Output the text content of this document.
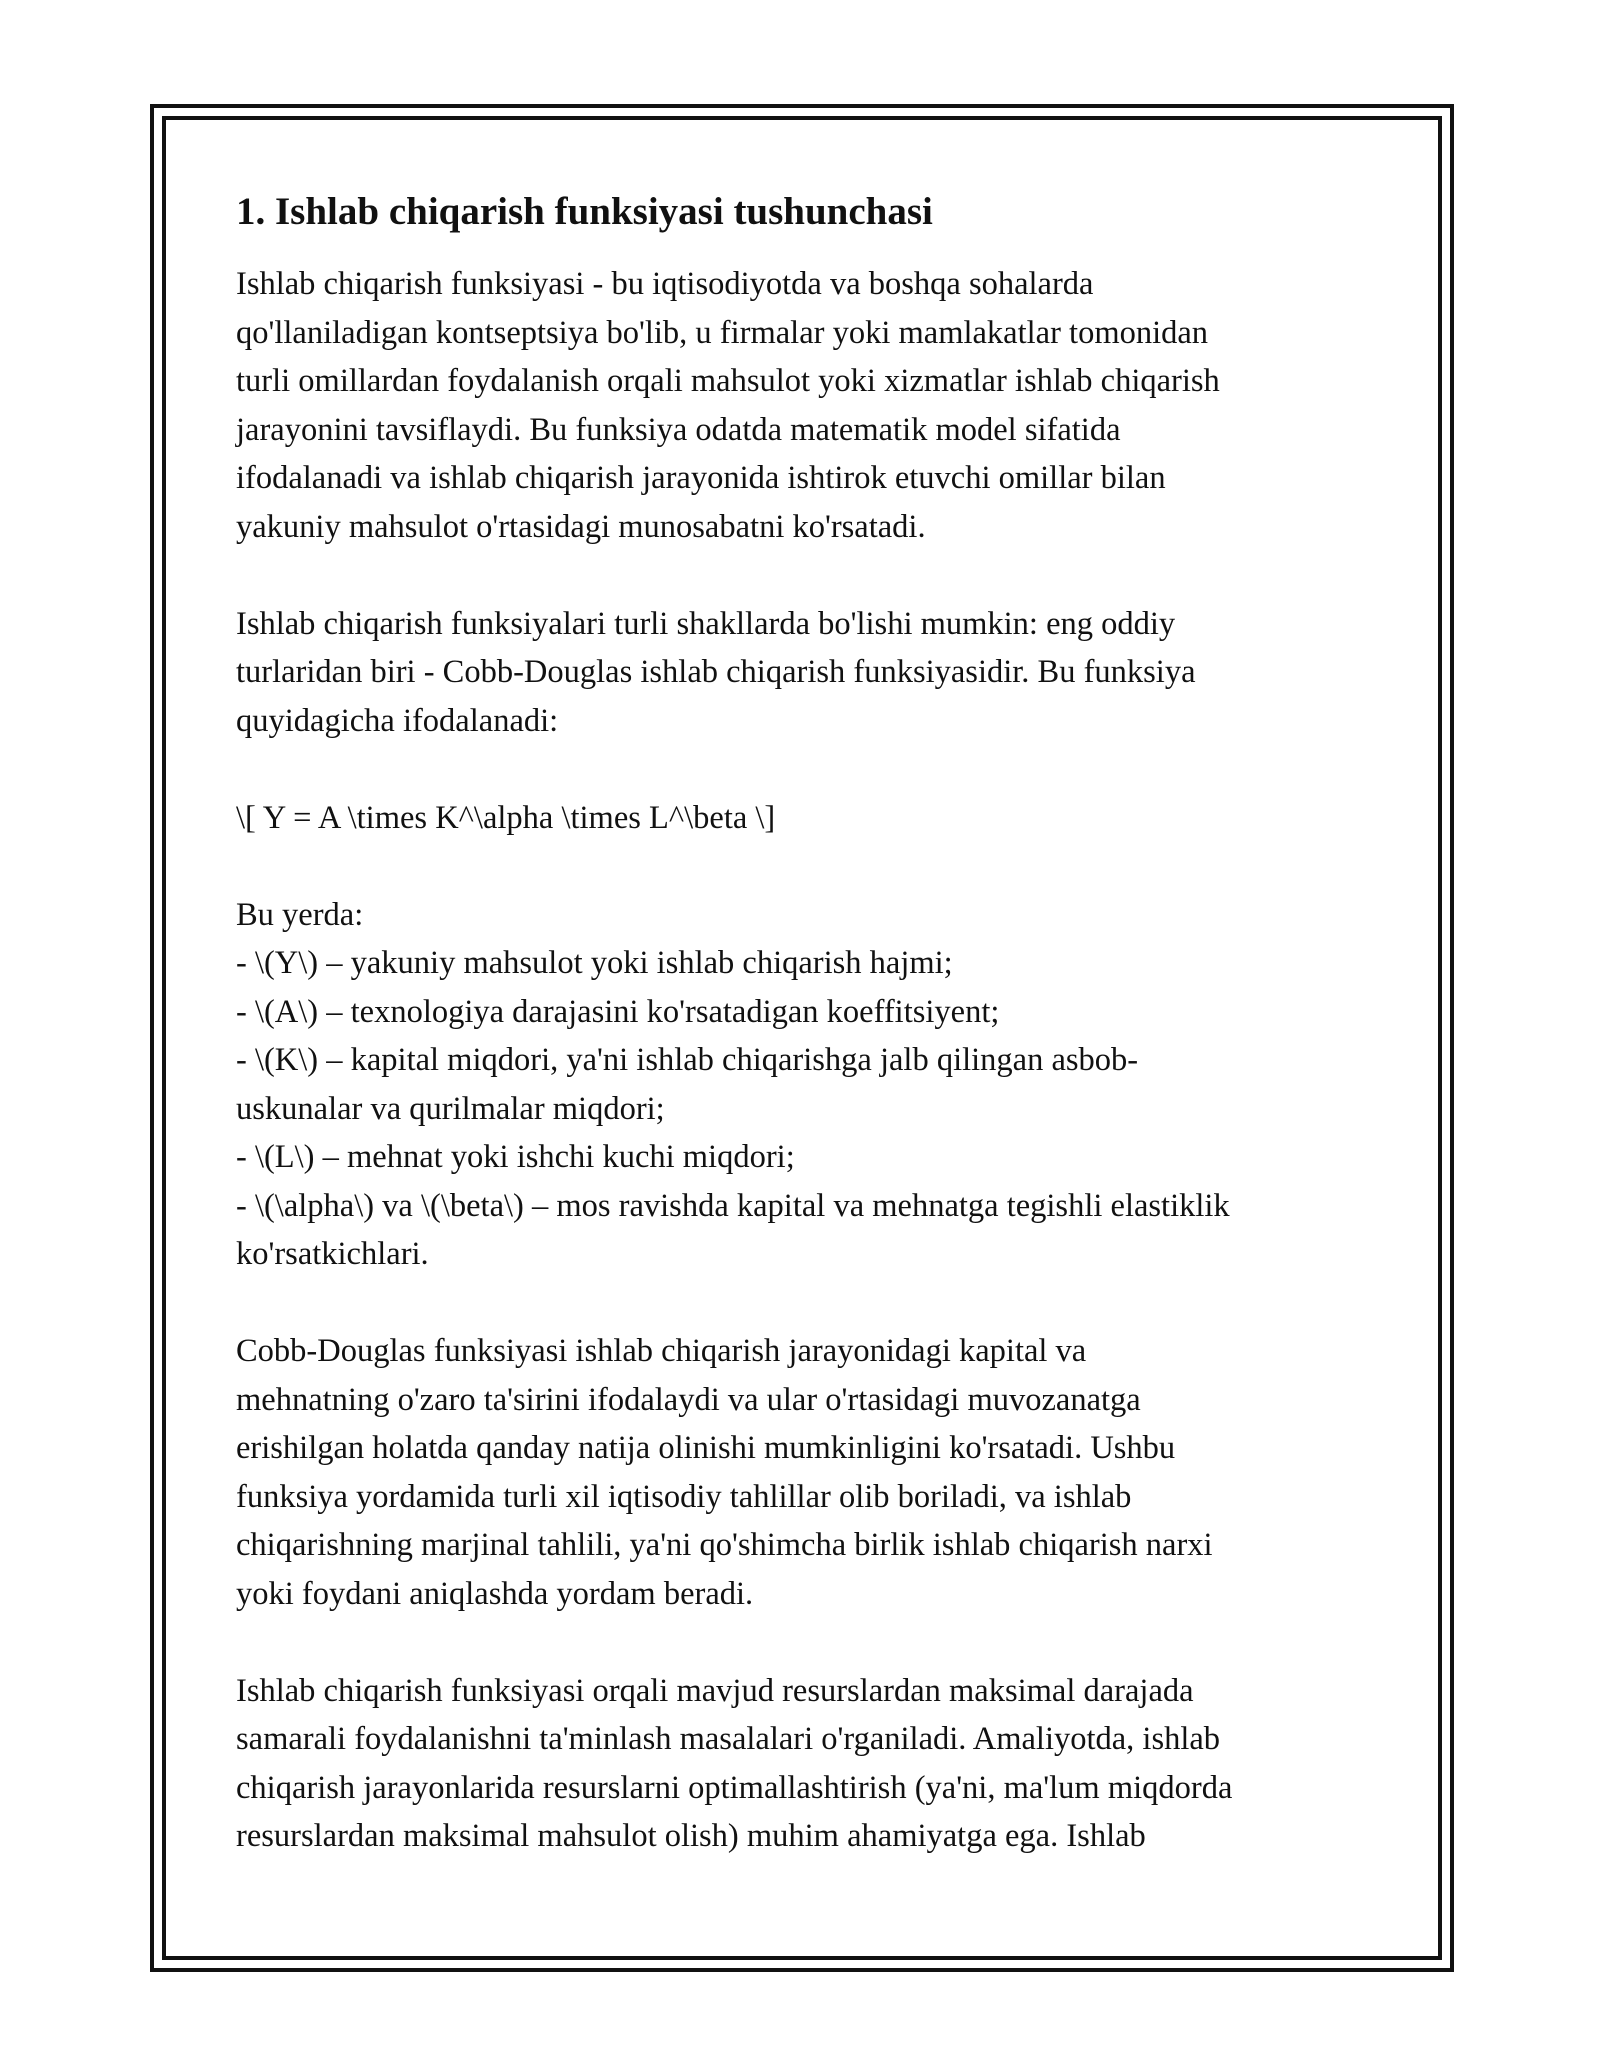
1. Ishlab chiqarish funksiyasi tushunchasi

Ishlab chiqarish funksiyasi - bu iqtisodiyotda va boshqa sohalarda
qo'llaniladigan kontseptsiya bo'lib, u firmalar yoki mamlakatlar tomonidan
turli omillardan foydalanish orqali mahsulot yoki xizmatlar ishlab chiqarish
jarayonini tavsiflaydi. Bu funksiya odatda matematik model sifatida
ifodalanadi va ishlab chiqarish jarayonida ishtirok etuvchi omillar bilan
yakuniy mahsulot o'rtasidagi munosabatni ko'rsatadi.

Ishlab chiqarish funksiyalari turli shakllarda bo'lishi mumkin: eng oddiy
turlaridan biri - Cobb-Douglas ishlab chiqarish funksiyasidir. Bu funksiya
quyidagicha ifodalanadi:

\[ Y = A \times K^\alpha \times L^\beta \]

Bu yerda:
- \(Y\) – yakuniy mahsulot yoki ishlab chiqarish hajmi;
- \(A\) – texnologiya darajasini ko'rsatadigan koeffitsiyent;
- \(K\) – kapital miqdori, ya'ni ishlab chiqarishga jalb qilingan asbob-
uskunalar va qurilmalar miqdori;
- \(L\) – mehnat yoki ishchi kuchi miqdori;
- \(\alpha\) va \(\beta\) – mos ravishda kapital va mehnatga tegishli elastiklik
ko'rsatkichlari.

Cobb-Douglas funksiyasi ishlab chiqarish jarayonidagi kapital va
mehnatning o'zaro ta'sirini ifodalaydi va ular o'rtasidagi muvozanatga
erishilgan holatda qanday natija olinishi mumkinligini ko'rsatadi. Ushbu
funksiya yordamida turli xil iqtisodiy tahlillar olib boriladi, va ishlab
chiqarishning marjinal tahlili, ya'ni qo'shimcha birlik ishlab chiqarish narxi
yoki foydani aniqlashda yordam beradi.

Ishlab chiqarish funksiyasi orqali mavjud resurslardan maksimal darajada
samarali foydalanishni ta'minlash masalalari o'rganiladi. Amaliyotda, ishlab
chiqarish jarayonlarida resurslarni optimallashtirish (ya'ni, ma'lum miqdorda
resurslardan maksimal mahsulot olish) muhim ahamiyatga ega. Ishlab
